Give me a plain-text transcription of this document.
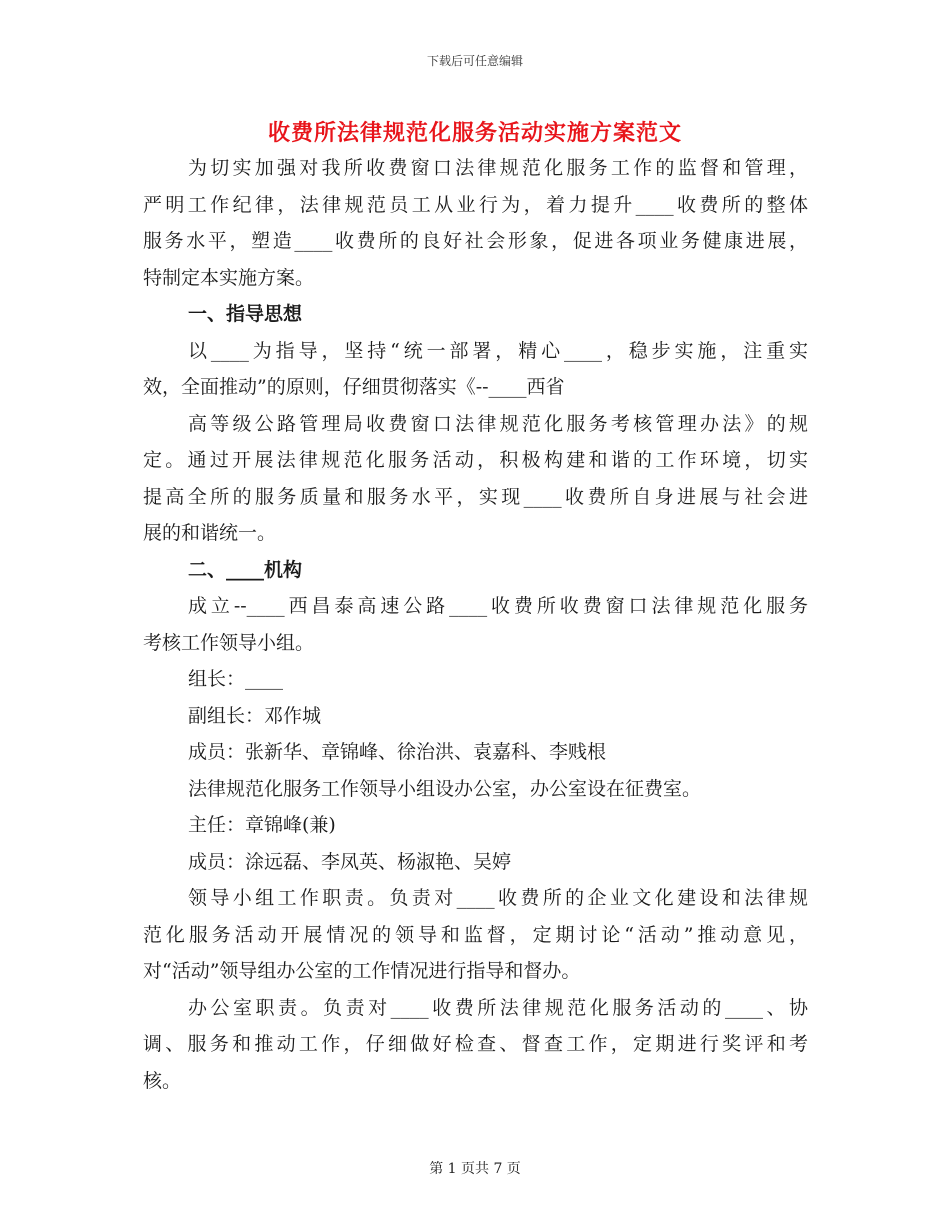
下载后可任意编辑
收费所法律规范化服务活动实施方案范文
为切实加强对我所收费窗口法律规范化服务工作的监督和管理，
严明工作纪律，法律规范员工从业行为，着力提升____收费所的整体
服务水平，塑造____收费所的良好社会形象，促进各项业务健康进展，
特制定本实施方案。
一、指导思想
以____为指导，坚持“统一部署，精心____，稳步实施，注重实
效，全面推动”的原则，仔细贯彻落实《--____西省
高等级公路管理局收费窗口法律规范化服务考核管理办法》的规
定。通过开展法律规范化服务活动，积极构建和谐的工作环境，切实
提高全所的服务质量和服务水平，实现____收费所自身进展与社会进
展的和谐统一。
二、____机构
成立--____西昌泰高速公路____收费所收费窗口法律规范化服务
考核工作领导小组。
组长：____
副组长：邓作城
成员：张新华、章锦峰、徐治洪、袁嘉科、李贱根
法律规范化服务工作领导小组设办公室，办公室设在征费室。
主任：章锦峰(兼)
成员：涂远磊、李凤英、杨淑艳、吴婷
领导小组工作职责。负责对____收费所的企业文化建设和法律规
范化服务活动开展情况的领导和监督，定期讨论“活动”推动意见，
对“活动”领导组办公室的工作情况进行指导和督办。
办公室职责。负责对____收费所法律规范化服务活动的____、协
调、服务和推动工作，仔细做好检查、督查工作，定期进行奖评和考
核。
第 1 页共 7 页
